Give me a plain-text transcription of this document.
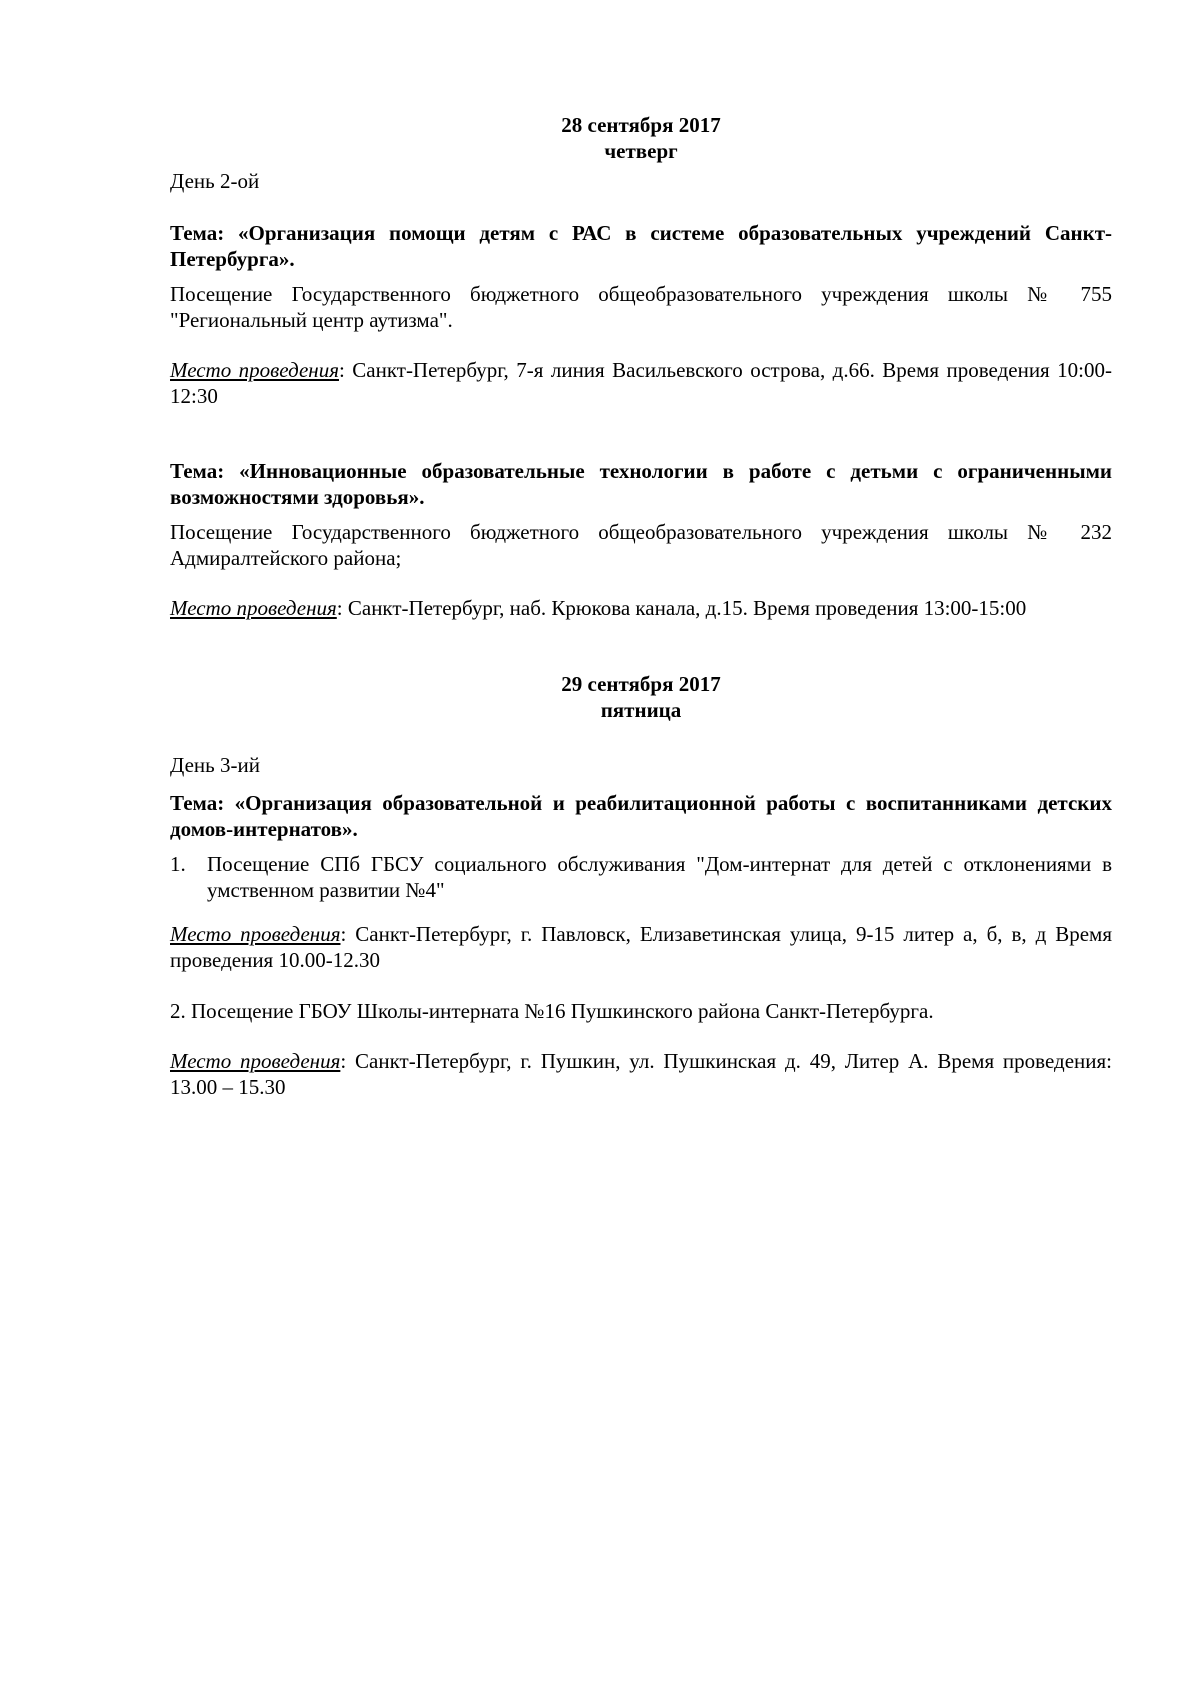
28 сентября 2017
четверг

День 2-ой

Тема: «Организация помощи детям с РАС в системе образовательных учреждений Санкт-Петербурга».

Посещение Государственного бюджетного общеобразовательного учреждения школы № 755 "Региональный центр аутизма".

Место проведения: Санкт-Петербург, 7-я линия Васильевского острова, д.66. Время проведения 10:00-12:30

Тема: «Инновационные образовательные технологии в работе с детьми с ограниченными возможностями здоровья».

Посещение Государственного бюджетного общеобразовательного учреждения школы № 232 Адмиралтейского района;

Место проведения: Санкт-Петербург, наб. Крюкова канала, д.15. Время проведения 13:00-15:00

29 сентября 2017
пятница

День 3-ий

Тема: «Организация образовательной и реабилитационной работы с воспитанниками детских домов-интернатов».

1. Посещение СПб ГБСУ социального обслуживания "Дом-интернат для детей с отклонениями в умственном развитии №4"

Место проведения: Санкт-Петербург, г. Павловск, Елизаветинская улица, 9-15 литер а, б, в, д Время проведения 10.00-12.30

2. Посещение ГБОУ Школы-интерната №16 Пушкинского района Санкт-Петербурга.

Место проведения: Санкт-Петербург, г. Пушкин, ул. Пушкинская д. 49, Литер А. Время проведения: 13.00 – 15.30
